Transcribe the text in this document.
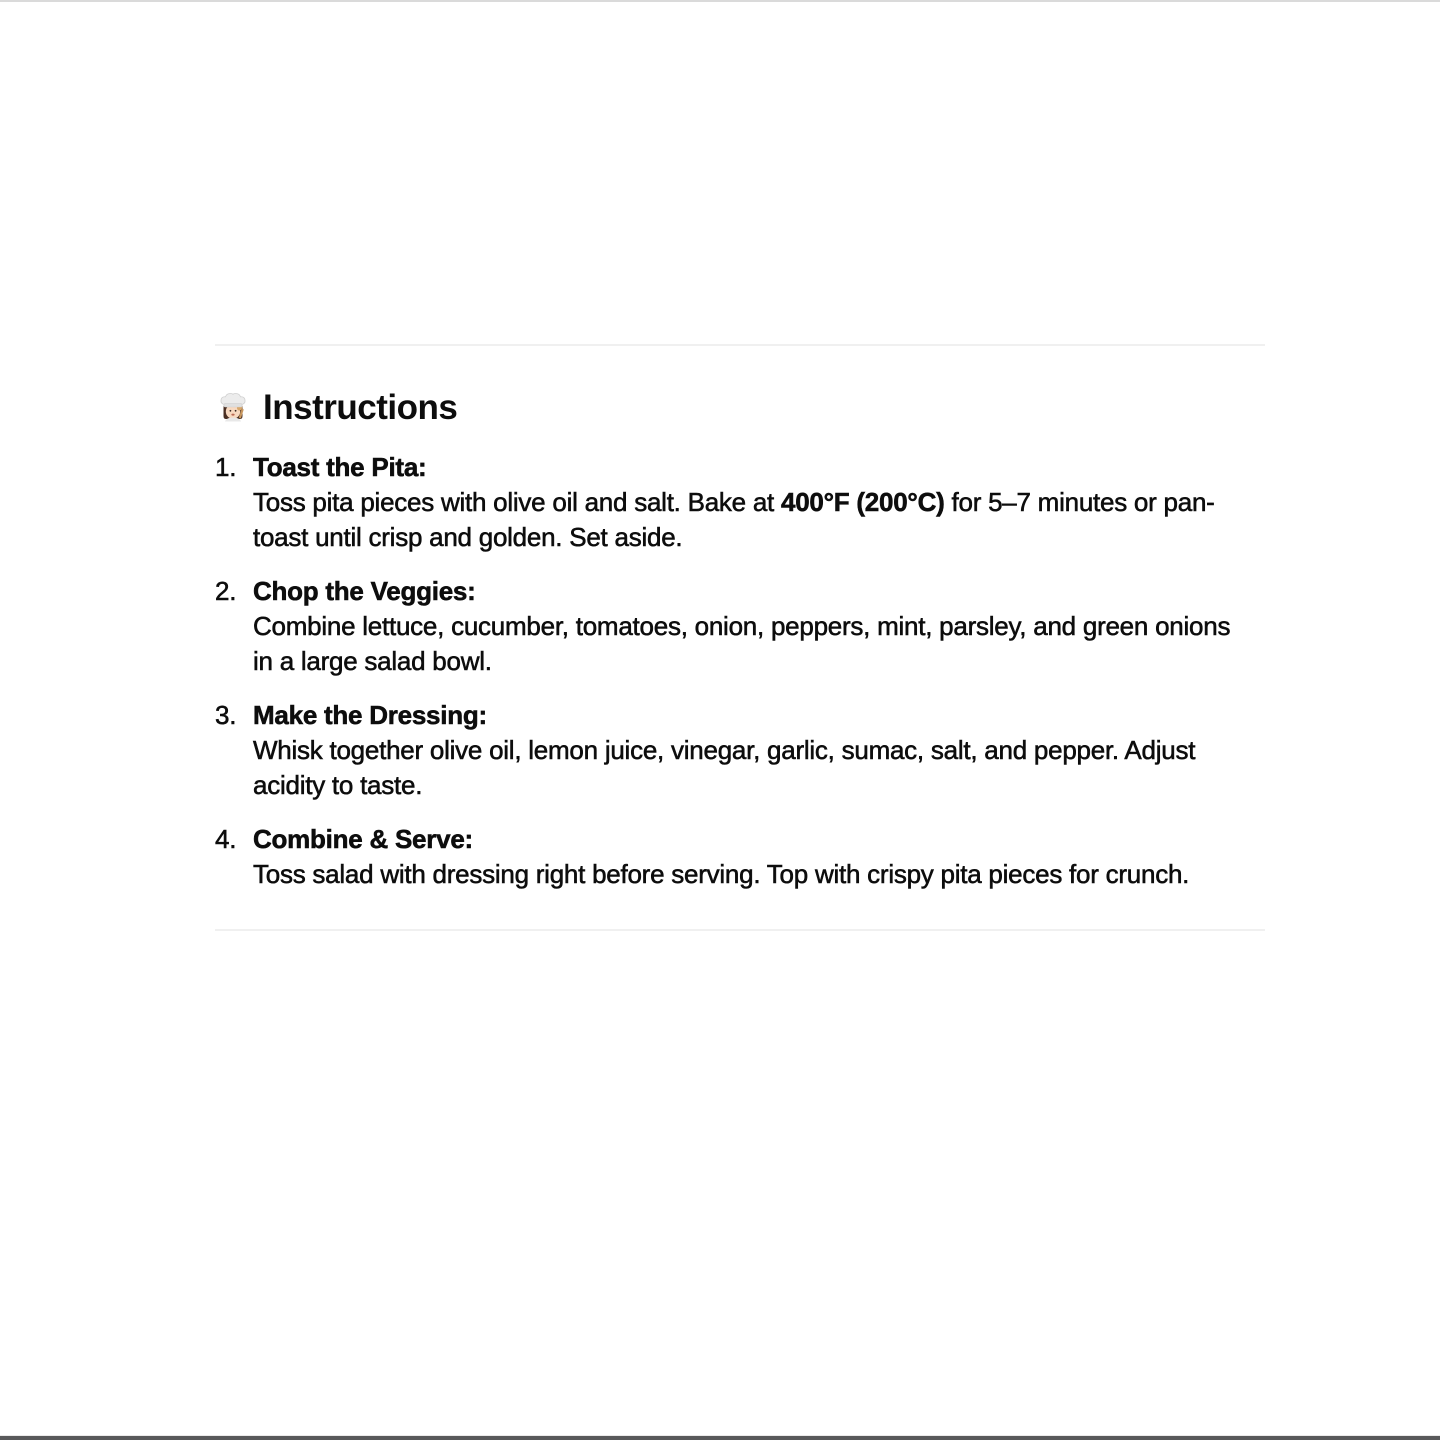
Instructions
1. Toast the Pita:
Toss pita pieces with olive oil and salt. Bake at 400°F (200°C) for 5–7 minutes or pan-toast until crisp and golden. Set aside.
2. Chop the Veggies:
Combine lettuce, cucumber, tomatoes, onion, peppers, mint, parsley, and green onions in a large salad bowl.
3. Make the Dressing:
Whisk together olive oil, lemon juice, vinegar, garlic, sumac, salt, and pepper. Adjust acidity to taste.
4. Combine & Serve:
Toss salad with dressing right before serving. Top with crispy pita pieces for crunch.
